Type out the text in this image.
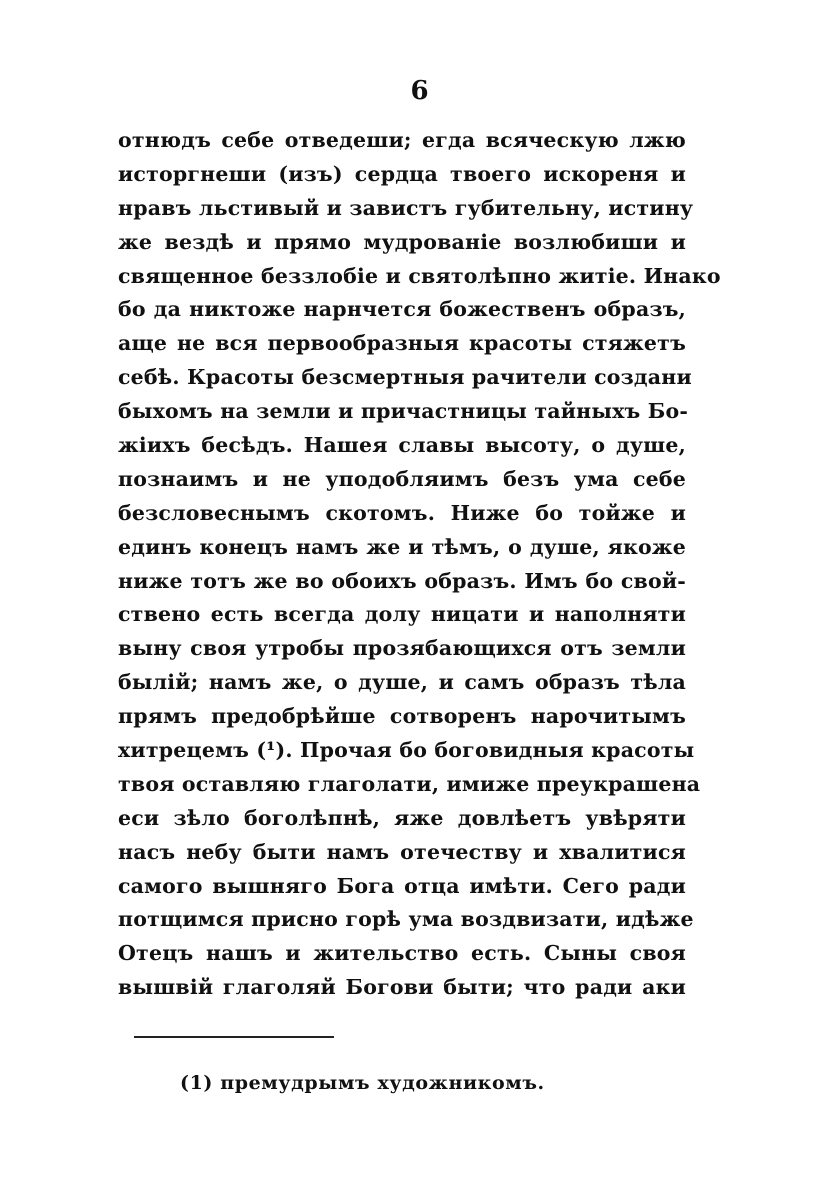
6
отнюдъ себе отведеши; егда всяческую лжю
исторгнеши (изъ) сердца твоего искореня и
нравъ льстивый и завистъ губительну, истину
же вездѣ и прямо мудрованіе возлюбиши и
священное беззлобіе и святолѣпно житіе. Инако
бо да никтоже нарнчется божественъ образъ,
аще не вся первообразныя красоты стяжетъ
себѣ. Красоты безсмертныя рачители создани
быхомъ на земли и причастницы тайныхъ Бо-
жіихъ бесѣдъ. Нашея славы высоту, о душе,
познаимъ и не уподобляимъ безъ ума себе
безсловеснымъ скотомъ. Ниже бо тойже и
единъ конецъ намъ же и тѣмъ, о душе, якоже
ниже тотъ же во обоихъ образъ. Имъ бо свой-
ственo есть всегда долу ницати и наполняти
выну своя утробы прозябающихся отъ земли
былій; намъ же, о душе, и самъ образъ тѣла
прямъ предобрѣйше сотворенъ нарочитымъ
хитрецемъ (¹). Прочая бо боговидныя красоты
твоя оставляю глаголати, имиже преукрашена
еси зѣло боголѣпнѣ, яже довлѣетъ увѣряти
насъ небу быти намъ отечеству и хвалитися
самого вышняго Бога отца имѣти. Сего ради
потщимся присно горѣ ума воздвизати, идѣже
Отецъ нашъ и жительство есть. Сыны своя
вышвій глаголяй Богови быти; что ради аки
(1) премудрымъ художникомъ.
